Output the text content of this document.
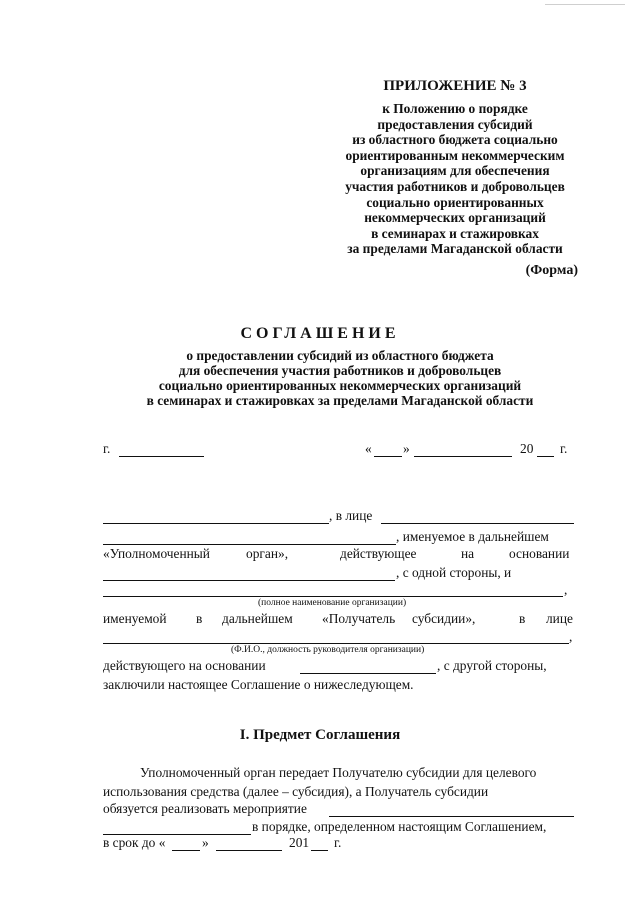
ПРИЛОЖЕНИЕ № 3
к Положению о порядке
предоставления субсидий
из областного бюджета социально
ориентированным некоммерческим
организациям для обеспечения
участия работников и добровольцев
социально ориентированных
некоммерческих организаций
в семинарах и стажировках
за пределами Магаданской области
(Форма)
СОГЛАШЕНИЕ
о предоставлении субсидий из областного бюджета
для обеспечения участия работников и добровольцев
социально ориентированных некоммерческих организаций
в семинарах и стажировках за пределами Магаданской области
г.	« »	20 г.
, в лице
, именуемое в дальнейшем
«Уполномоченный	орган»,	действующее	на	основании
, с одной стороны, и
,
(полное наименование организации)
именуемой в дальнейшем «Получатель субсидии»,	в лице
,
(Ф.И.О., должность руководителя организации)
действующего на основании	, с другой стороны,
заключили настоящее Соглашение о нижеследующем.
I. Предмет Соглашения
Уполномоченный орган передает Получателю субсидии для целевого
использования средства (далее – субсидия), а Получатель субсидии
обязуется реализовать мероприятие
в порядке, определенном настоящим Соглашением,
в срок до «	»	201 г.
